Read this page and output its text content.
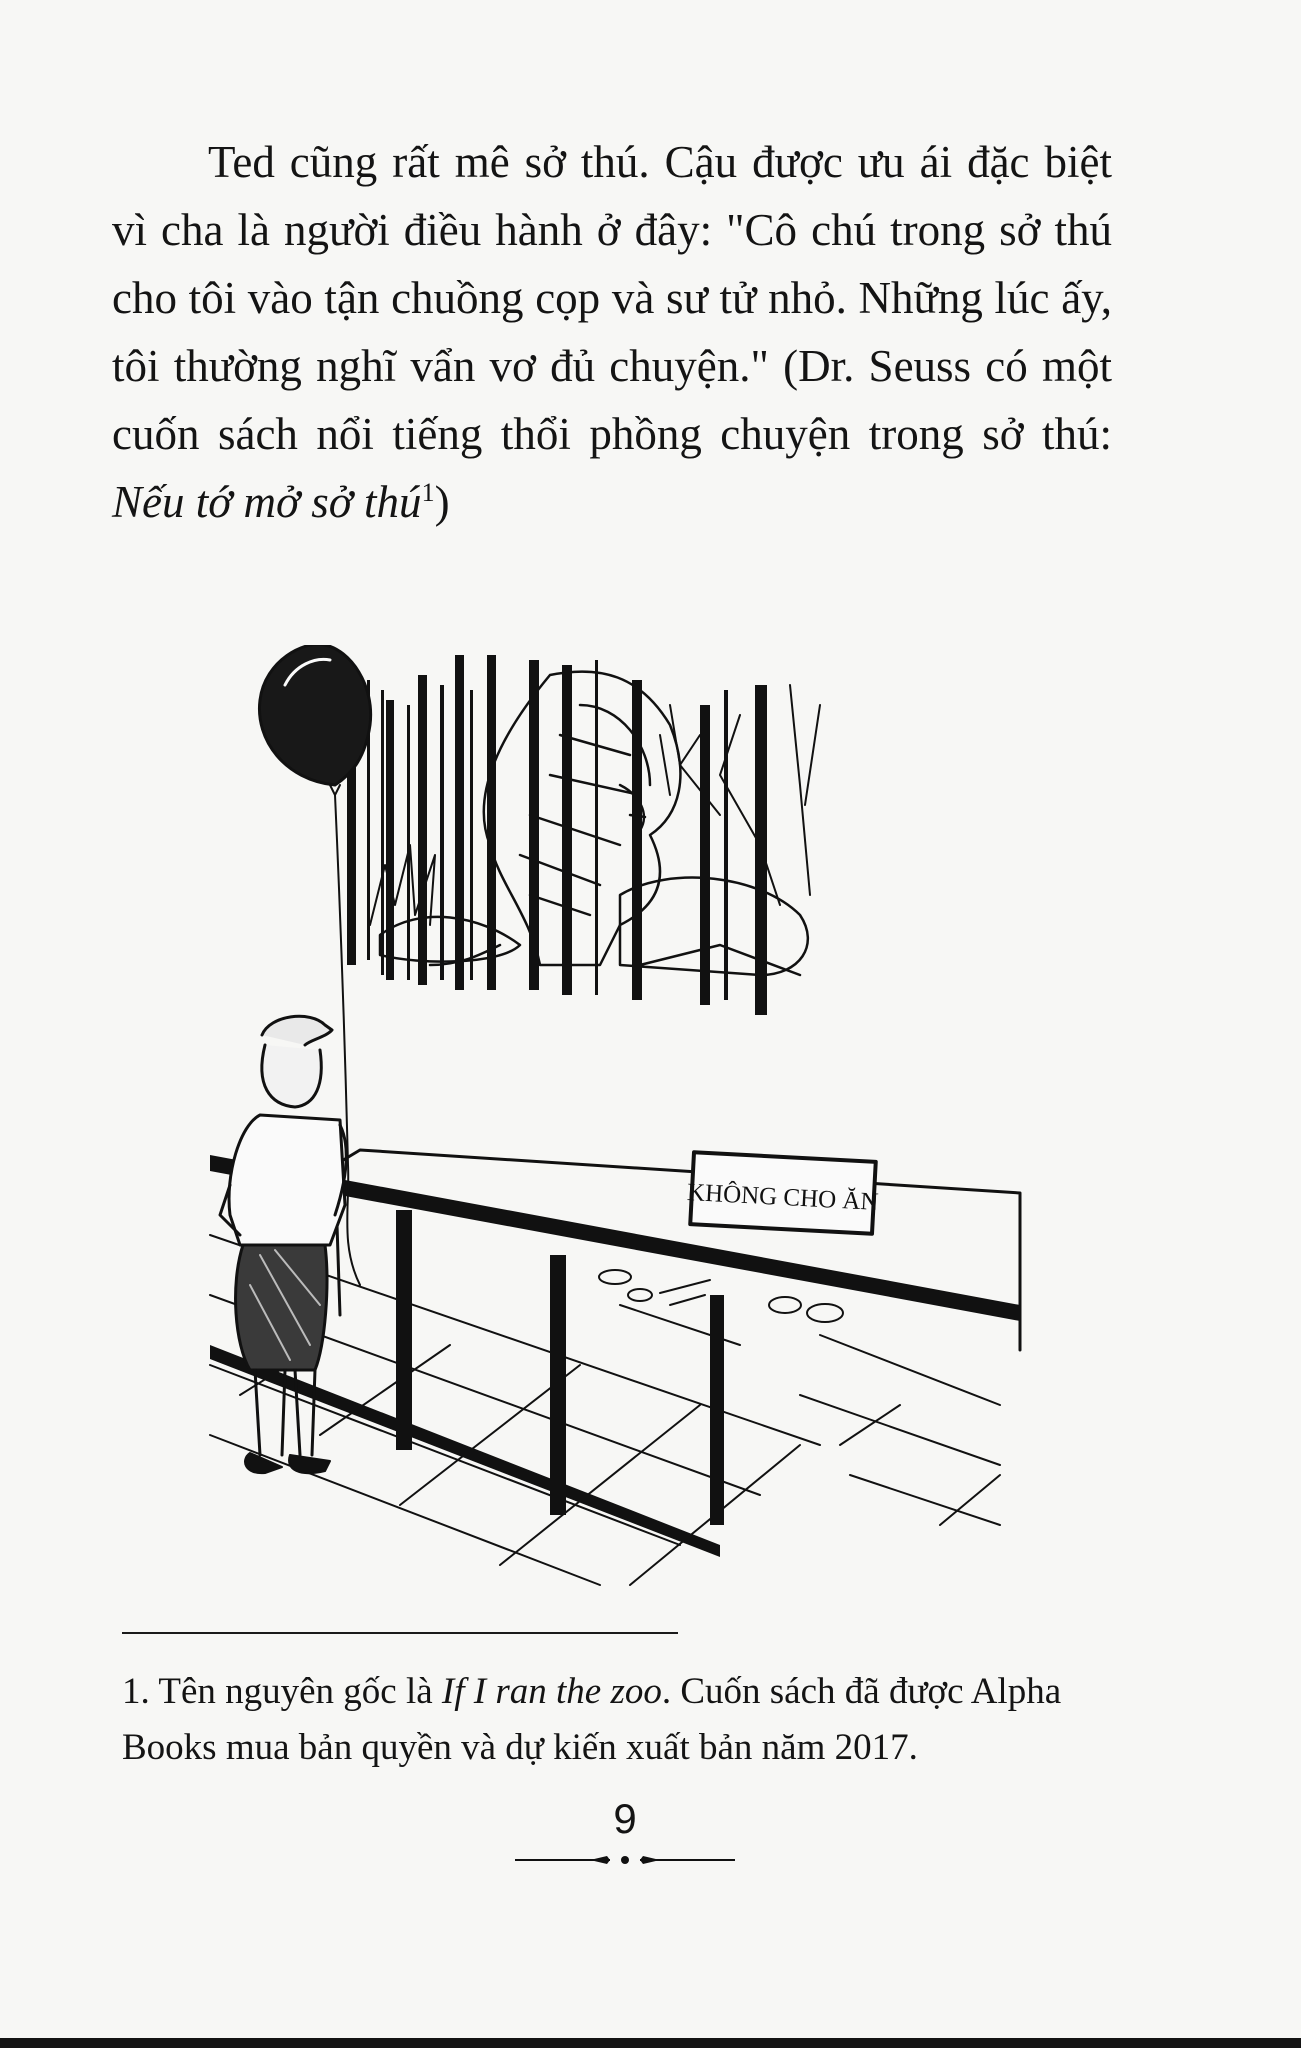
Ted cũng rất mê sở thú. Cậu được ưu ái đặc biệt vì cha là người điều hành ở đây: "Cô chú trong sở thú cho tôi vào tận chuồng cọp và sư tử nhỏ. Những lúc ấy, tôi thường nghĩ vẩn vơ đủ chuyện." (Dr. Seuss có một cuốn sách nổi tiếng thổi phồng chuyện trong sở thú: Nếu tớ mở sở thú$^1$)

KHÔNG CHO ĂN

1. Tên nguyên gốc là If I ran the zoo. Cuốn sách đã được Alpha Books mua bản quyền và dự kiến xuất bản năm 2017.

9
